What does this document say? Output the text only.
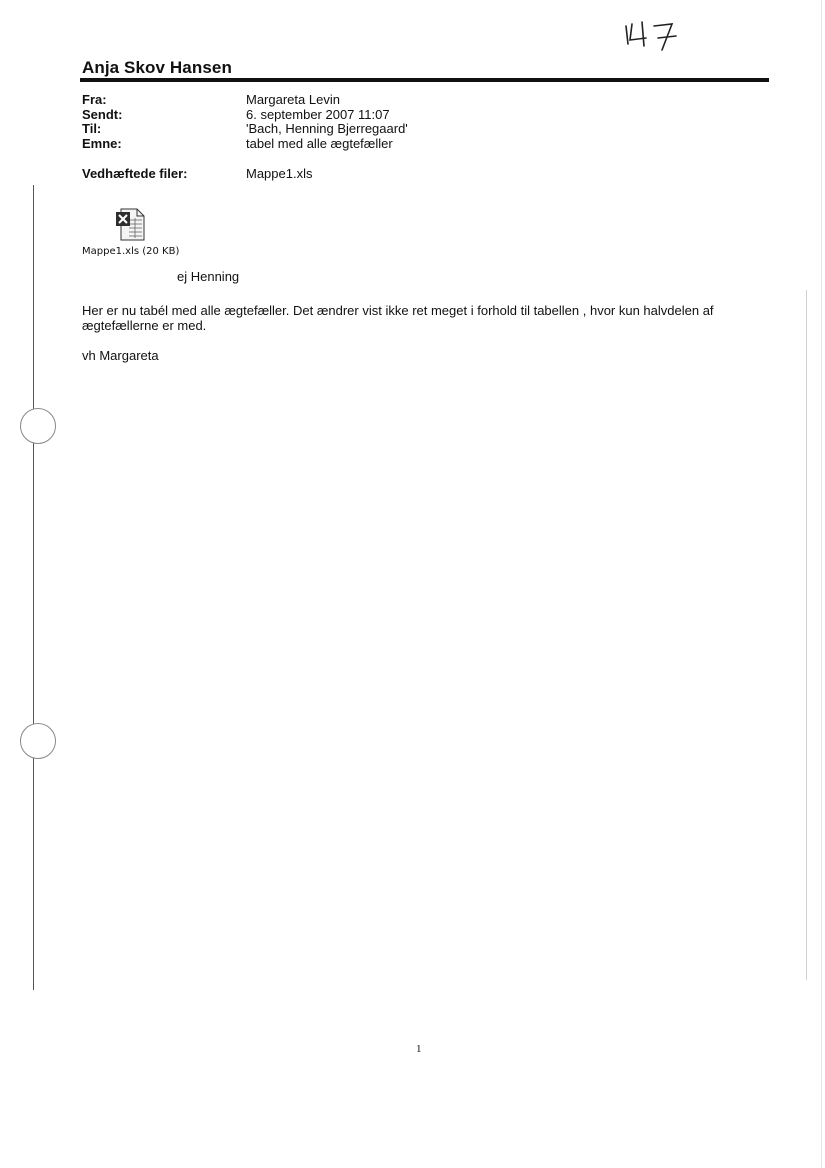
Anja Skov Hansen
Fra:	Margareta Levin
Sendt:	6. september 2007 11:07
Til:	'Bach, Henning Bjerregaard'
Emne:	tabel med alle ægtefæller
Vedhæftede filer:	Mappe1.xls
Mappe1.xls (20 KB)
ej Henning
Her er nu tabél med alle ægtefæller. Det ændrer vist ikke ret meget i forhold til tabellen , hvor kun halvdelen af ægtefællerne er med.
vh Margareta
1
